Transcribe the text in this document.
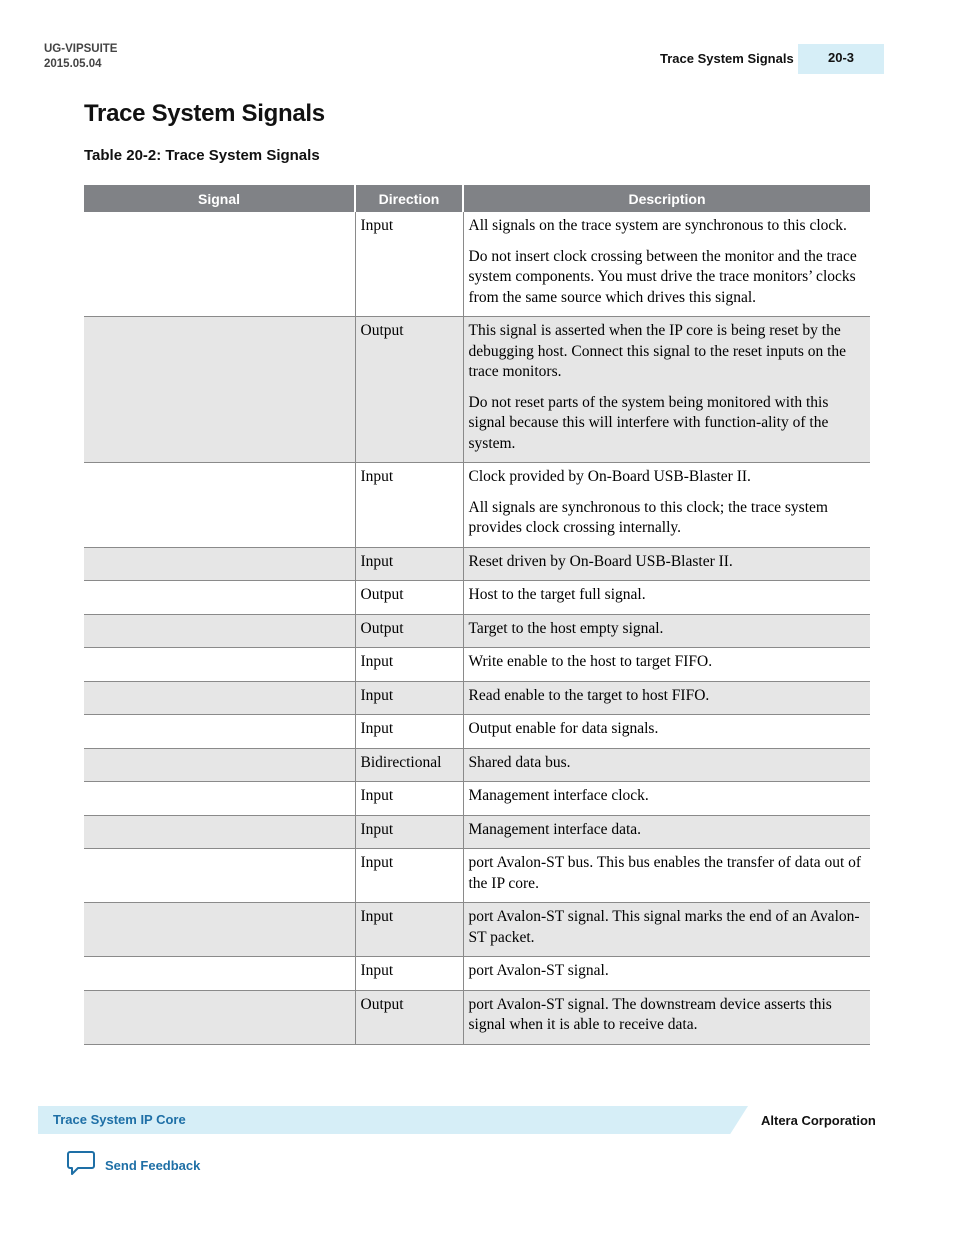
UG-VIPSUITE
2015.05.04	Trace System Signals	20-3
Trace System Signals
Table 20-2: Trace System Signals
Signal	Direction	Description
	Input	All signals on the trace system are synchronous to this clock.

Do not insert clock crossing between the monitor and the trace system components. You must drive the trace monitors’ clocks from the same source which drives this signal.

	Output	This signal is asserted when the IP core is being reset by the debugging host. Connect this signal to the reset inputs on the trace monitors.

Do not reset parts of the system being monitored with this signal because this will interfere with function-ality of the system.

	Input	Clock provided by On-Board USB-Blaster II.

All signals are synchronous to this clock; the trace system provides clock crossing internally.

	Input	Reset driven by On-Board USB-Blaster II.

	Output	Host to the target full signal.

	Output	Target to the host empty signal.

	Input	Write enable to the host to target FIFO.

	Input	Read enable to the target to host FIFO.

	Input	Output enable for data signals.

	Bidirectional	Shared data bus.

	Input	Management interface clock.

	Input	Management interface data.

	Input	port Avalon-ST bus. This bus enables the transfer of data out of the IP core.

	Input	port Avalon-ST signal. This signal marks the end of an Avalon-ST packet.

	Input	port Avalon-ST signal.

	Output	port Avalon-ST signal. The downstream device asserts this signal when it is able to receive data.

Trace System IP Core	Altera Corporation
Send Feedback
